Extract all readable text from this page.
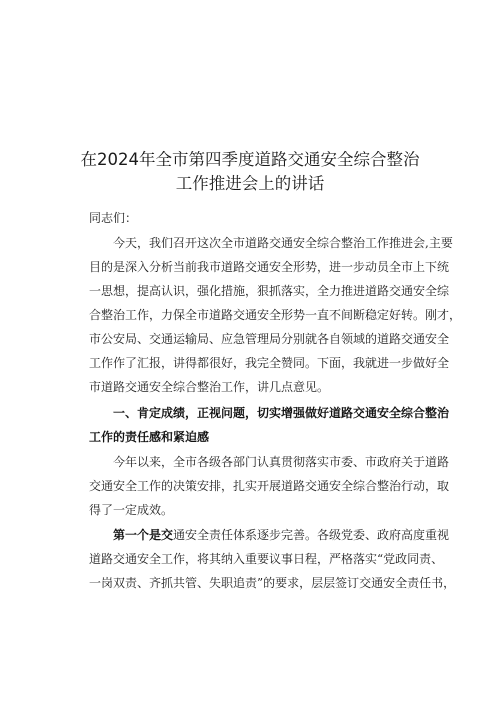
在2024年全市第四季度道路交通安全综合整治
工作推进会上的讲话
同志们：
今天，我们召开这次全市道路交通安全综合整治工作推进会,主要
目的是深入分析当前我市道路交通安全形势，进一步动员全市上下统
一思想，提高认识，强化措施，狠抓落实，全力推进道路交通安全综
合整治工作，力保全市道路交通安全形势一直不间断稳定好转。刚才，
市公安局、交通运输局、应急管理局分别就各自领域的道路交通安全
工作作了汇报，讲得都很好，我完全赞同。下面，我就进一步做好全
市道路交通安全综合整治工作，讲几点意见。
一、肯定成绩，正视问题，切实增强做好道路交通安全综合整治
工作的责任感和紧迫感
今年以来，全市各级各部门认真贯彻落实市委、市政府关于道路
交通安全工作的决策安排，扎实开展道路交通安全综合整治行动，取
得了一定成效。
第一个是交通安全责任体系逐步完善。各级党委、政府高度重视
道路交通安全工作，将其纳入重要议事日程，严格落实“党政同责、
一岗双责、齐抓共管、失职追责”的要求，层层签订交通安全责任书，
